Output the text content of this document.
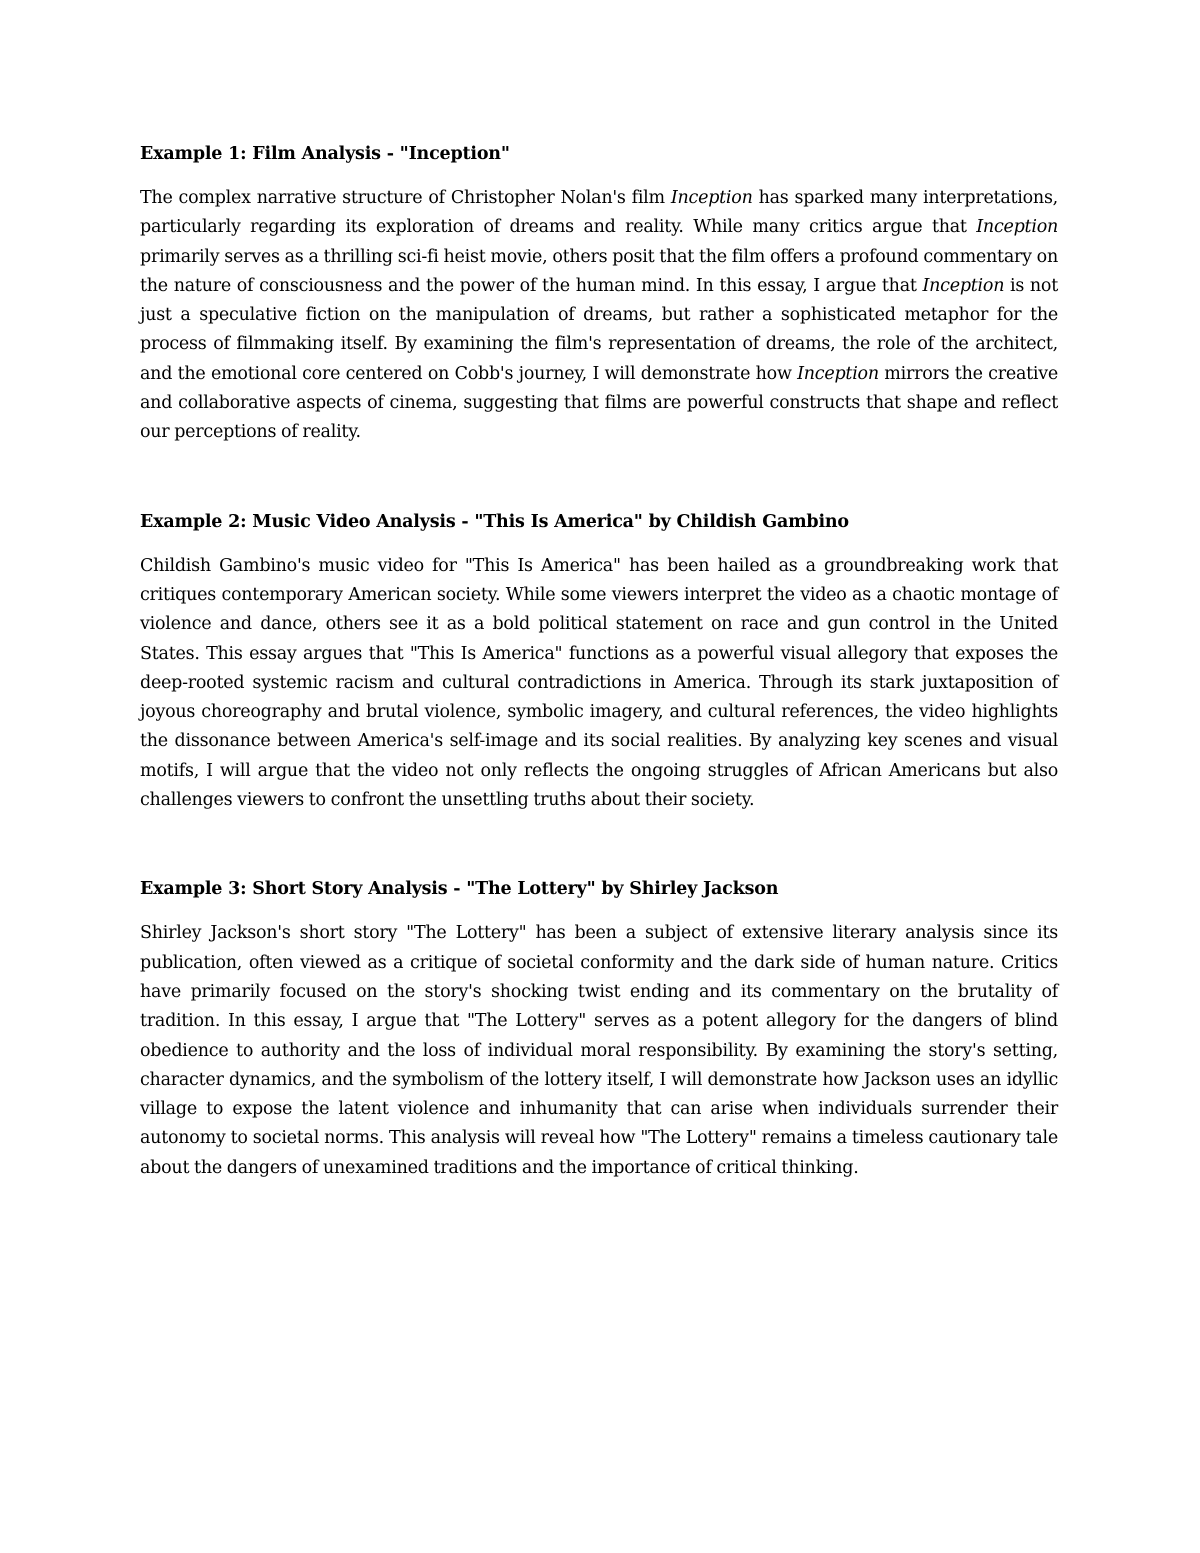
Example 1: Film Analysis - "Inception"

The complex narrative structure of Christopher Nolan's film Inception has sparked many interpretations, particularly regarding its exploration of dreams and reality. While many critics argue that Inception primarily serves as a thrilling sci-fi heist movie, others posit that the film offers a profound commentary on the nature of consciousness and the power of the human mind. In this essay, I argue that Inception is not just a speculative fiction on the manipulation of dreams, but rather a sophisticated metaphor for the process of filmmaking itself. By examining the film's representation of dreams, the role of the architect, and the emotional core centered on Cobb's journey, I will demonstrate how Inception mirrors the creative and collaborative aspects of cinema, suggesting that films are powerful constructs that shape and reflect our perceptions of reality.

Example 2: Music Video Analysis - "This Is America" by Childish Gambino

Childish Gambino's music video for "This Is America" has been hailed as a groundbreaking work that critiques contemporary American society. While some viewers interpret the video as a chaotic montage of violence and dance, others see it as a bold political statement on race and gun control in the United States. This essay argues that "This Is America" functions as a powerful visual allegory that exposes the deep-rooted systemic racism and cultural contradictions in America. Through its stark juxtaposition of joyous choreography and brutal violence, symbolic imagery, and cultural references, the video highlights the dissonance between America's self-image and its social realities. By analyzing key scenes and visual motifs, I will argue that the video not only reflects the ongoing struggles of African Americans but also challenges viewers to confront the unsettling truths about their society.

Example 3: Short Story Analysis - "The Lottery" by Shirley Jackson

Shirley Jackson's short story "The Lottery" has been a subject of extensive literary analysis since its publication, often viewed as a critique of societal conformity and the dark side of human nature. Critics have primarily focused on the story's shocking twist ending and its commentary on the brutality of tradition. In this essay, I argue that "The Lottery" serves as a potent allegory for the dangers of blind obedience to authority and the loss of individual moral responsibility. By examining the story's setting, character dynamics, and the symbolism of the lottery itself, I will demonstrate how Jackson uses an idyllic village to expose the latent violence and inhumanity that can arise when individuals surrender their autonomy to societal norms. This analysis will reveal how "The Lottery" remains a timeless cautionary tale about the dangers of unexamined traditions and the importance of critical thinking.
